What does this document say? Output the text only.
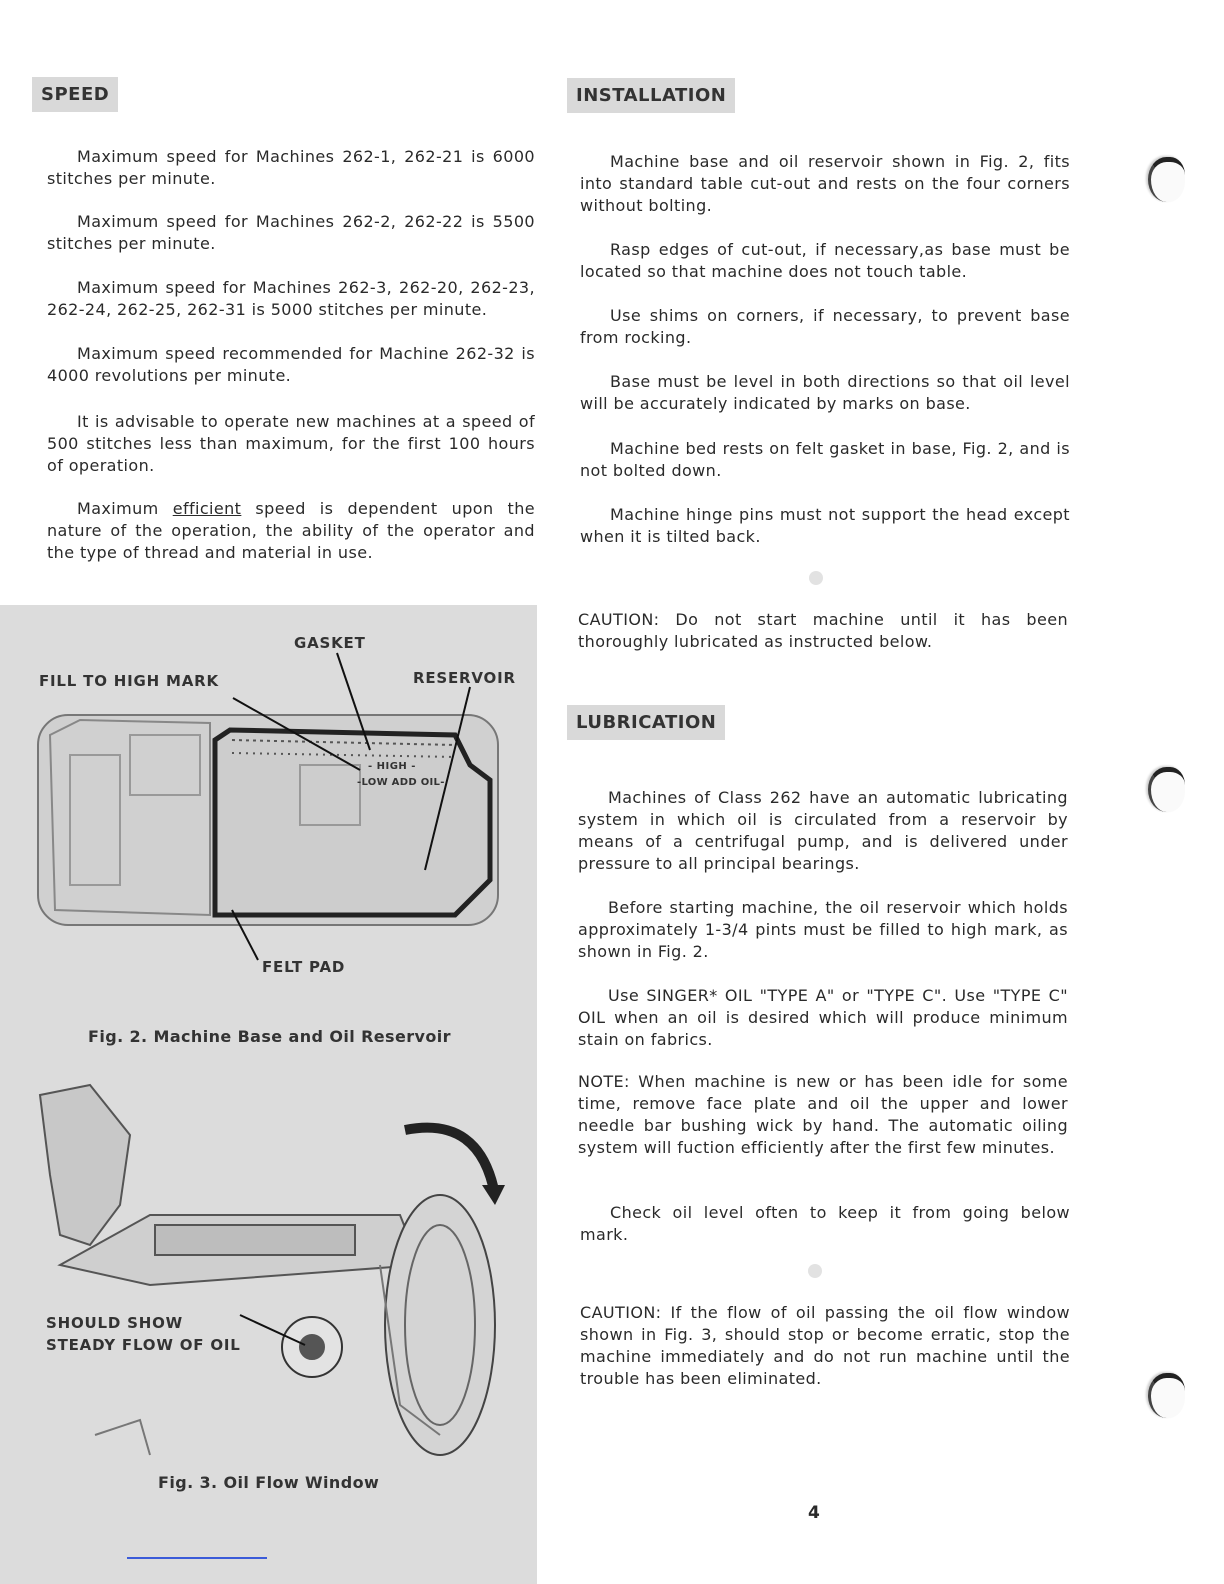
SPEED

Maximum speed for Machines 262-1, 262-21 is 6000 stitches per minute.

Maximum speed for Machines 262-2, 262-22 is 5500 stitches per minute.

Maximum speed for Machines 262-3, 262-20, 262-23, 262-24, 262-25, 262-31 is 5000 stitches per minute.

Maximum speed recommended for Machine 262-32 is 4000 revolutions per minute.

It is advisable to operate new machines at a speed of 500 stitches less than maximum, for the first 100 hours of operation.

Maximum efficient speed is dependent upon the nature of the operation, the ability of the operator and the type of thread and material in use.

GASKET
FILL TO HIGH MARK	RESERVOIR
- HIGH -
-LOW ADD OIL-
FELT PAD
Fig. 2. Machine Base and Oil Reservoir
SHOULD SHOW
STEADY FLOW OF OIL
Fig. 3. Oil Flow Window
INSTALLATION

Machine base and oil reservoir shown in Fig. 2, fits into standard table cut-out and rests on the four corners without bolting.

Rasp edges of cut-out, if necessary,as base must be located so that machine does not touch table.

Use shims on corners, if necessary, to prevent base from rocking.

Base must be level in both directions so that oil level will be accurately indicated by marks on base.

Machine bed rests on felt gasket in base, Fig. 2, and is not bolted down.

Machine hinge pins must not support the head except when it is tilted back.

CAUTION: Do not start machine until it has been thoroughly lubricated as instructed below.

LUBRICATION

Machines of Class 262 have an automatic lubricating system in which oil is circulated from a reservoir by means of a centrifugal pump, and is delivered under pressure to all principal bearings.

Before starting machine, the oil reservoir which holds approximately 1-3/4 pints must be filled to high mark, as shown in Fig. 2.

Use SINGER* OIL "TYPE A" or "TYPE C". Use "TYPE C" OIL when an oil is desired which will produce minimum stain on fabrics.

NOTE: When machine is new or has been idle for some time, remove face plate and oil the upper and lower needle bar bushing wick by hand. The automatic oiling system will fuction efficiently after the first few minutes.

Check oil level often to keep it from going below mark.

CAUTION: If the flow of oil passing the oil flow window shown in Fig. 3, should stop or become erratic, stop the machine immediately and do not run machine until the trouble has been eliminated.

4
